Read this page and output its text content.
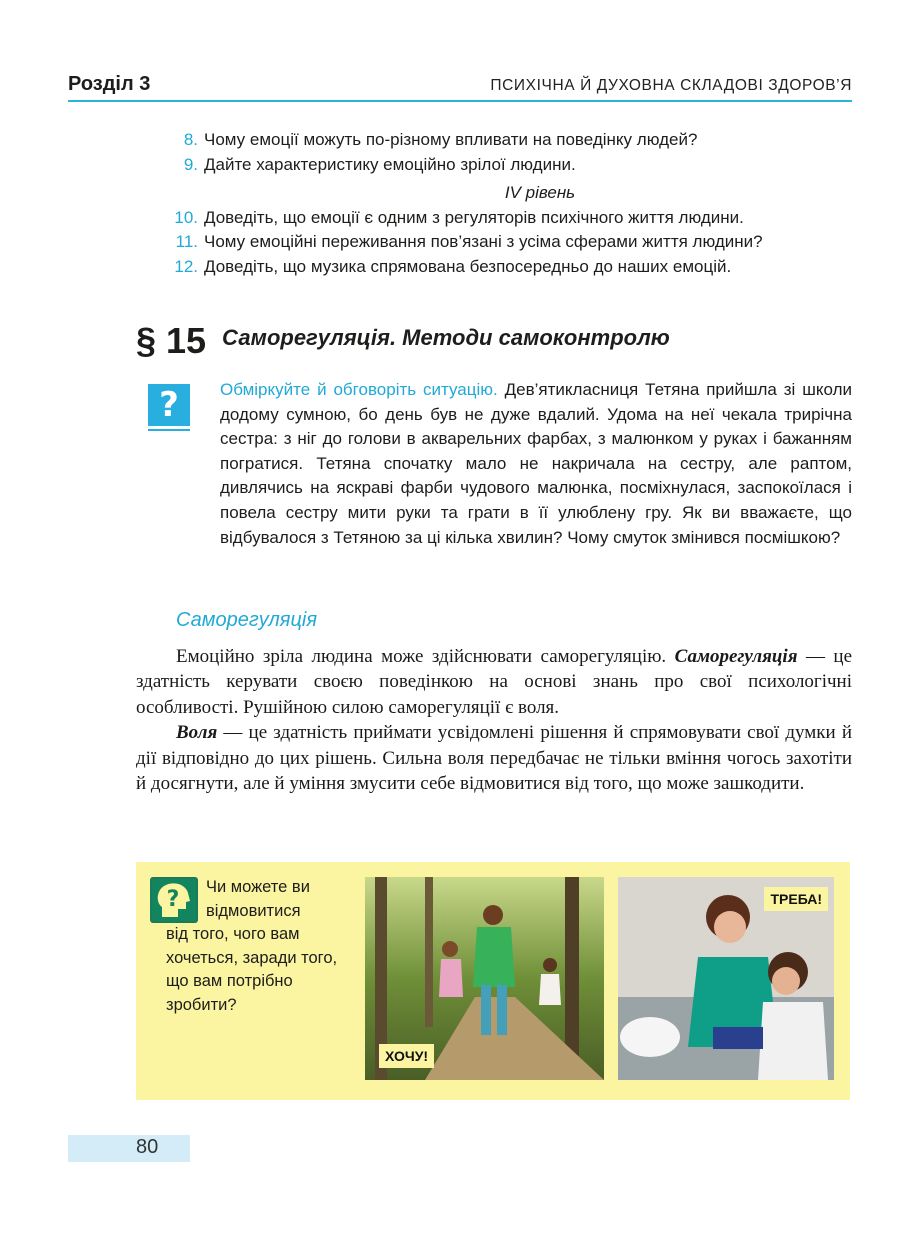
Розділ 3	ПСИХІЧНА Й ДУХОВНА СКЛАДОВІ ЗДОРОВ’Я
8. Чому емоції можуть по-різному впливати на поведінку людей?
9. Дайте характеристику емоційно зрілої людини.
IV рівень
10. Доведіть, що емоції є одним з регуляторів психічного життя людини.
11. Чому емоційні переживання пов’язані з усіма сферами життя людини?
12. Доведіть, що музика спрямована безпосередньо до наших емоцій.
§ 15 Саморегуляція. Методи самоконтролю
?	Обміркуйте й обговоріть ситуацію. Дев’ятикласниця Тетяна прийшла зі школи додому сумною, бо день був не дуже вдалий. Удома на неї чекала трирічна сестра: з ніг до голови в акварельних фарбах, з малюнком у руках і бажанням погратися. Тетяна спочатку мало не накричала на сестру, але раптом, дивлячись на яскраві фарби чудового малюнка, посміхнулася, заспокоїлася і повела сестру мити руки та грати в її улюблену гру. Як ви вважаєте, що відбувалося з Тетяною за ці кілька хвилин? Чому смуток змінився посмішкою?
Саморегуляція

Емоційно зріла людина може здійснювати саморегуляцію. Саморегуляція — це здатність керувати своєю поведінкою на основі знань про свої психологічні особливості. Рушійною силою саморегуляції є воля.

Воля — це здатність приймати усвідомлені рішення й спрямовувати свої думки й дії відповідно до цих рішень. Сильна воля передбачає не тільки вміння чогось захотіти й досягнути, але й уміння змусити себе відмовитися від того, що може зашкодити.

?	Чи можете ви
відмовитися
від того, чого вам хочеться, заради того, що вам потрібно зробити?
ХОЧУ!
ТРЕБА!
80
